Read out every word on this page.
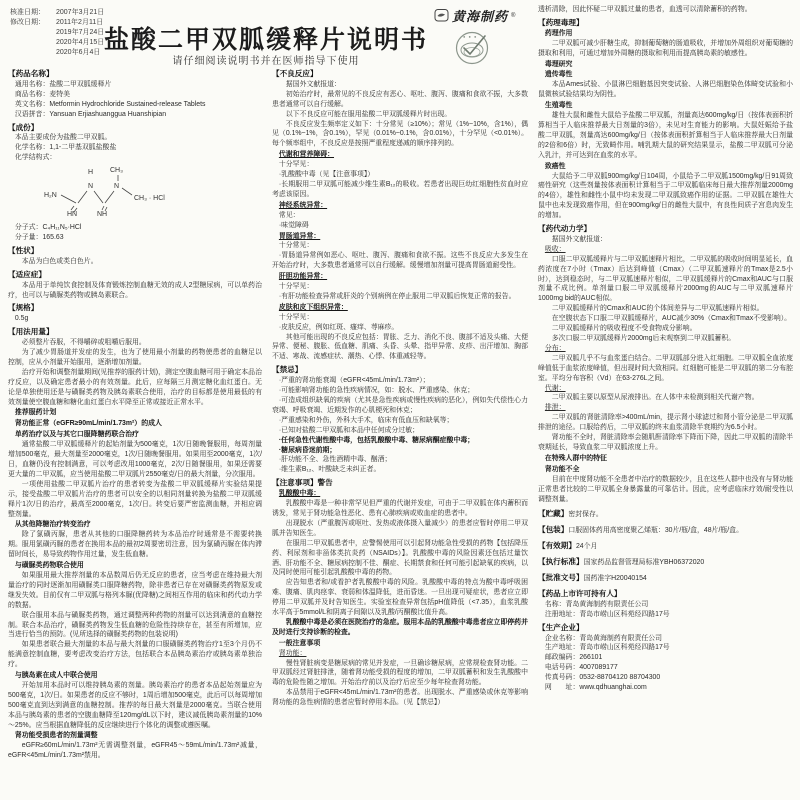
核准日期：	2007年3月21日
修改日期：	2011年2月11日
2019年7月24日
2020年4月15日
2020年6月4日 盐酸二甲双胍缓释片说明书
请仔细阅读说明书并在医师指导下使用
黄海制药 ®
● ● ●
【药品名称】
通用名称：盐酸二甲双胍缓释片
商品名称：麦特美
英文名称：Metformin Hydrochloride Sustained-release Tablets
汉语拼音：Yansuan Erjiashuanggua Huanshipian
【成份】
本品主要成份为盐酸二甲双胍。
化学名称：1,1-二甲基双胍盐酸盐
化学结构式：
H₂N
H
N	N
CH₃
CH₃ · HCl
HN	NH
分子式：C₄H₁₁N₅·HCl
分子量：165.63
【性状】
本品为白色或类白色片。
【适应症】
本品用于单纯饮食控制及体育锻炼控制血糖无效的成人2型糖尿病，可以单药治疗，也可以与磺脲类药物或胰岛素联合。
【规格】
0.5g
【用法用量】
必须整片吞服，不得嚼碎或咀嚼后服用。
为了减少胃肠道并发症的发生，也为了使用最小剂量的药物使患者的血糖足以控制，应从小剂量开始服用，逐渐增加剂量。
治疗开始和调整剂量期间(见推荐的服药计划)，测定空腹血糖可用于确定本品治疗反应，以及确定患者最小的有效剂量。此后，应每隔三月测定糖化血红蛋白。无论是单独使用还是与磺脲类药物及胰岛素联合使用，治疗的目标都是使用最低的有效剂量使空腹血糖和糖化血红蛋白水平降至正常或接近正常水平。
推荐服药计划
肾功能正常（eGFR≥90mL/min/1.73m²）的成人
单药治疗以及与其它口服降糖药联合治疗
通常盐酸二甲双胍缓释片的起始剂量为500毫克，1次/日随晚餐服用，每周剂量增加500毫克，最大剂量至2000毫克，1次/日随晚餐服用。如果用至2000毫克，1次/日，血糖仍没有控制满意，可以考虑改用1000毫克，2次/日随餐服用，如果还需要更大量的二甲双胍，应当使用盐酸二甲双胍片2550毫克/日的最大剂量，分次服用。
一项使用盐酸二甲双胍片治疗的患者转变为盐酸二甲双胍缓释片实验结果提示，接受盐酸二甲双胍片治疗的患者可以安全的以相同剂量转换为盐酸二甲双胍缓释片1次/日的治疗，最高至2000毫克，1次/日。转变后要严密监测血糖，并相应调整剂量。
从其他降糖治疗转变治疗
除了氯磺丙脲，患者从其他的口服降糖药转为本品治疗时通常是不需要转换期。服用氯磺丙脲的患者在换用本品的最初2周要密切注意，因为氯磺丙脲在体内滞留时间长，易导致药物作用过量，发生低血糖。
与磺脲类药物联合使用
如果服用最大推荐剂量的本品数周后仍无反应的患者，应当考虑在维持最大剂量治疗的同时逐渐加用磺脲类口服降糖药物，除非患者已存在对磺脲类药物原发或继发失效。目前仅有二甲双胍与格列本脲(优降糖)之间相互作用的临床和药代动力学的数据。
联合服用本品与磺脲类药物，通过调整两种药物的剂量可以达到满意的血糖控制。联合本品治疗，磺脲类药物发生低血糖的危险性持续存在，甚至有所增加，应当进行恰当的预防。(见所选择的磺脲类药物的包装说明)
如果患者联合最大剂量的本品与最大剂量的口服磺脲类药物治疗1至3个月仍不能满意控制血糖，要考虑改变治疗方法，包括联合本品胰岛素治疗或胰岛素单独治疗。
与胰岛素在成人中联合使用
开始加用本品时可以维持胰岛素的剂量。胰岛素治疗的患者本品起始剂量应为500毫克，1次/日。如果患者的反应不够时，1周后增加500毫克，此后可以每周增加500毫克直到达到满意的血糖控制。推荐的每日最大剂量是2000毫克。当联合使用本品与胰岛素的患者的空腹血糖降至120mg/dL以下时，建议减低胰岛素剂量的10%～25%。应当根据血糖降低的反应继续进行个体化的调整或遵医嘱。
肾功能受损患者的剂量调整
eGFR≥60mL/min/1.73m²无需调整剂量，eGFR45～59mL/min/1.73m²减量，eGFR<45mL/min/1.73m²禁用。
【不良反应】
据国外文献报道：
初始治疗时，最常见的不良反应有恶心、呕吐、腹泻、腹痛和食欲不振，大多数患者通常可以自行缓解。
以下不良反应可能在服用盐酸二甲双胍缓释片时出现。
不良反应发生频率定义如下：十分常见（≥10%）；常见（1%~10%，含1%），偶见（0.1%~1%，含0.1%），罕见（0.01%~0.1%，含0.01%），十分罕见（<0.01%）。每个频率组中，不良反应是按照严重程度递减的顺序排列的。
代谢和营养障碍：
十分罕见：
·乳酸酸中毒（见【注意事项】）
·长期服用二甲双胍可能减少维生素B₁₂的吸收。若患者出现巨幼红细胞性贫血时应考虑该原因。
神经系统异常：
常见：
·味觉障碍
胃肠道异常：
十分常见：
·胃肠道异常例如恶心、呕吐、腹泻、腹痛和食欲不振。这些不良反应大多发生在开始治疗时，大多数患者通常可以自行缓解。缓慢增加剂量可提高胃肠道耐受性。
肝胆功能异常：
十分罕见：
·有肝功能检查异常或肝炎的个别病例在停止服用二甲双胍后恢复正常的报告。
皮肤和皮下组织异常：
十分罕见：
·皮肤反应，例如红斑、瘙痒、荨麻疹。
其他可能出现的不良反应包括：胃胀、乏力、消化不良、腹部不适及头痛、大便异常、便秘、腹胀、低血糖、肌痛、头昏、头晕、指甲异常、皮疹、出汗增加、胸部不适、寒战、流感症状、潮热、心悸、体重减轻等。
【禁忌】
·严重的肾功能衰竭（eGFR<45mL/min/1.73m²）；
·可能影响肾功能的急性疾病情况，如：脱水、严重感染、休克；
·可造成组织缺氧的疾病（尤其是急性疾病或慢性疾病的恶化），例如失代偿性心力衰竭、呼吸衰竭、近期发作的心肌梗死和休克；
·严重感染和外伤，外科大手术，临床有低血压和缺氧等；
·已知对盐酸二甲双胍和本品中任何成分过敏；
·任何急性代谢性酸中毒，包括乳酸酸中毒、糖尿病酮症酸中毒；
·糖尿病昏迷前期；
·肝功能不全、急性酒精中毒、酗酒；
·维生素B₁₂、叶酸缺乏未纠正者。
【注意事项】警告
乳酸酸中毒：
乳酸酸中毒是一种非常罕见但严重的代谢并发症，可由于二甲双胍在体内蓄积而诱发，常见于肾功能急性恶化、患有心肺疾病或败血症的患者中。
出现脱水（严重腹泻或呕吐、发热或液体摄入量减少）的患者应暂时停用二甲双胍并告知医生。
在服用二甲双胍患者中，应警惕使用可以引起肾功能急性受损的药物【包括降压药、利尿剂和非甾体类抗炎药（NSAIDs）】。乳酸酸中毒的风险因素还包括过量饮酒、肝功能不全、糖尿病控制不佳、酮症、长期禁食和任何可能引起缺氧的疾病，以及同时使用可能引起乳酸酸中毒的药物。
应告知患者和/或看护者乳酸酸中毒的风险。乳酸酸中毒的特点为酸中毒呼吸困难、腹痛、肌肉痉挛、衰弱和体温降低，进而昏迷。一旦出现可疑症状，患者应立即停用二甲双胍并及时告知医生。实验室检查异常包括pH值降低（<7.35），血浆乳酸水平高于5mmol/L和阴离子间隙以及乳酸/丙酮酸比值升高。
乳酸酸中毒是必须在医院治疗的急症。服用本品的乳酸酸中毒患者应立即停药并及时进行支持诊断的检查。
一般注意事项
肾功能：
慢性肾脏病变是糖尿病的常见并发症，一旦确诊糖尿病，应常规检查肾功能。二甲双胍经过肾脏排泄，随着肾功能受损的程度的增加，二甲双胍蓄积和发生乳酸酸中毒的危险性随之增加。开始治疗前以及治疗后应至少每年检查肾功能。
本品禁用于eGFR<45mL/min/1.73m²的患者。出现脱水、严重感染或休克等影响肾功能的急性病情的患者应暂时停用本品。（见【禁忌】）
透析清除，因此怀疑二甲双胍过量的患者，血透可以清除蓄积的药物。
【药理毒理】
药理作用
二甲双胍可减少肝糖生成，抑制葡萄糖的肠道吸收，并增加外周组织对葡萄糖的摄取和利用，可通过增加外周糖的摄取和利用而提高胰岛素的敏感性。
毒理研究
遗传毒性
本品Ames试验、小鼠淋巴细胞基因突变试验、人淋巴细胞染色体畸变试验和小鼠微核试验结果均为阴性。
生殖毒性
雄性大鼠和雌性大鼠给予盐酸二甲双胍，剂量高达600mg/kg/日（按体表面积折算相当于人临床推荐最大日剂量的3倍），未见对生育能力的影响。大鼠妊娠给予盐酸二甲双胍，剂量高达600mg/kg/日（按体表面积折算相当于人临床推荐最大日剂量的2倍和6倍）时，无致畸作用。哺乳期大鼠的研究结果显示，盐酸二甲双胍可分泌入乳汁，并可达到在血浆的水平。
致癌性
大鼠给予二甲双胍900mg/kg/日104周，小鼠给予二甲双胍1500mg/kg/日91周致癌性研究（这些剂量按体表面积计算相当于二甲双胍临床每日最大推荐剂量2000mg的4倍），雄性和雌性小鼠中均未发现二甲双胍致癌作用的证据。二甲双胍在雄性大鼠中也未发现致癌作用，但在900mg/kg/日的雌性大鼠中，有良性间质子宫息肉发生的增加。
【药代动力学】
据国外文献报道：
吸收：
口服二甲双胍缓释片与二甲双胍速释片相比，二甲双胍的吸收时间明显延长，血药浓度在7小时（Tmax）后达到峰值（Cmax）（二甲双胍速释片的Tmax是2.5小时），达到稳态时，与二甲双胍速释片相似，二甲双胍缓释片的Cmax和AUC与口服剂量不成比例。单剂量口服二甲双胍缓释片2000mg的AUC与二甲双胍速释片1000mg bid的AUC相似。
二甲双胍缓释片的Cmax和AUC的个体间差异与二甲双胍速释片相似。
在空腹状态下口服二甲双胍缓释片，AUC减少30%（Cmax和Tmax不受影响）。
二甲双胍缓释片的吸收程度不受食物成分影响。
多次口服二甲双胍缓释片2000mg后未观察到二甲双胍蓄积。
分布：
二甲双胍几乎不与血浆蛋白结合。二甲双胍部分进入红细胞。二甲双胍全血浓度峰值低于血浆浓度峰值，但出现时间大致相同。红细胞可能是二甲双胍的第二分布腔室。平均分布容积（Vd）在63-276L之间。
代谢：
二甲双胍主要以原型从尿液排出。在人体中未检测到相关代谢产物。
排泄：
二甲双胍的肾脏清除率>400mL/min，提示肾小球滤过和肾小管分泌是二甲双胍排泄的途径。口服给药后，二甲双胍的终末血浆清除半衰期约为6.5小时。
肾功能不全时，肾脏清除率会随肌酐清除率下降而下降，因此二甲双胍的清除半衰期延长，导致血浆二甲双胍浓度上升。
在特殊人群中的特征
肾功能不全
目前在中度肾功能不全患者中治疗的数据较少，且在这些人群中也没有与肾功能正常患者比较的二甲双胍全身暴露量的可靠估计。因此，应考虑临床疗效/耐受性以调整剂量。
【贮藏】密封保存。
【包装】口服固体药用高密度聚乙烯瓶：30片/瓶/盒，48片/瓶/盒。
【有效期】24个月
【执行标准】国家药品监督管理局标准YBH06372020
【批准文号】国药准字H20040154
【药品上市许可持有人】
名称：青岛黄海制药有限责任公司
注册地址：青岛市崂山区科苑经四路17号
【生产企业】
企业名称：青岛黄海制药有限责任公司
生产地址：青岛市崂山区科苑经四路17号
邮政编码：266101
电话号码：4007089177
传真号码：0532-88704120 88704300
网　　址：www.qdhuanghai.com
